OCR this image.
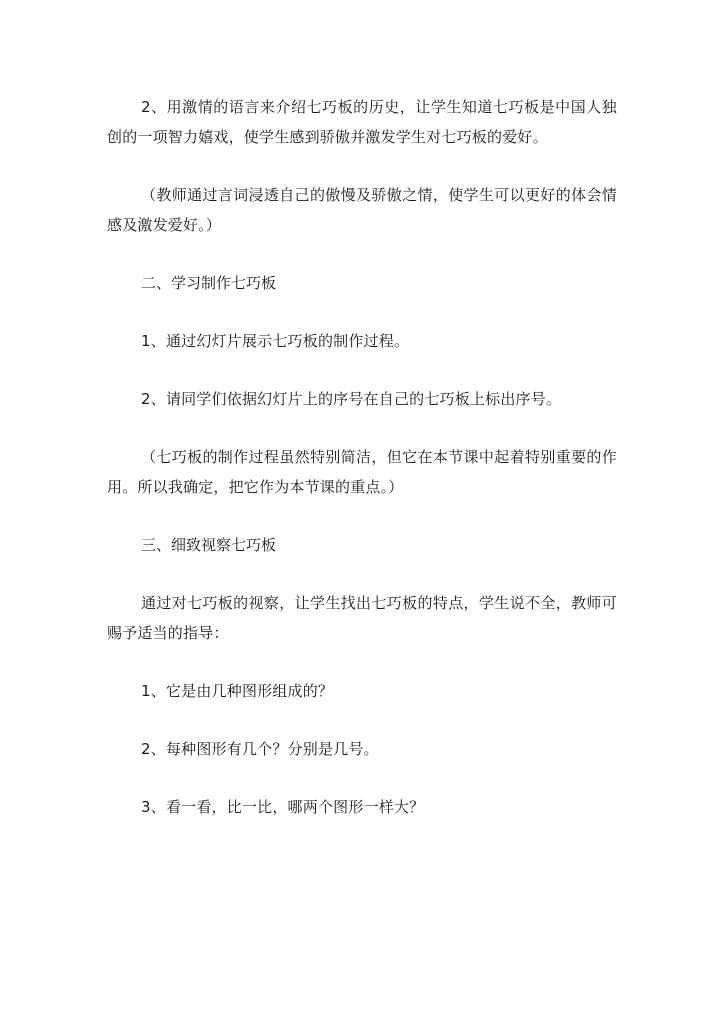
2、用激情的语言来介绍七巧板的历史，让学生知道七巧板是中国人独创的一项智力嬉戏，使学生感到骄傲并激发学生对七巧板的爱好。

（教师通过言词浸透自己的傲慢及骄傲之情，使学生可以更好的体会情感及激发爱好。）

二、学习制作七巧板

1、通过幻灯片展示七巧板的制作过程。

2、请同学们依据幻灯片上的序号在自己的七巧板上标出序号。

（七巧板的制作过程虽然特别简洁，但它在本节课中起着特别重要的作用。所以我确定，把它作为本节课的重点。）

三、细致视察七巧板

通过对七巧板的视察，让学生找出七巧板的特点，学生说不全，教师可赐予适当的指导：

1、它是由几种图形组成的？

2、每种图形有几个？分别是几号。

3、看一看，比一比，哪两个图形一样大？
